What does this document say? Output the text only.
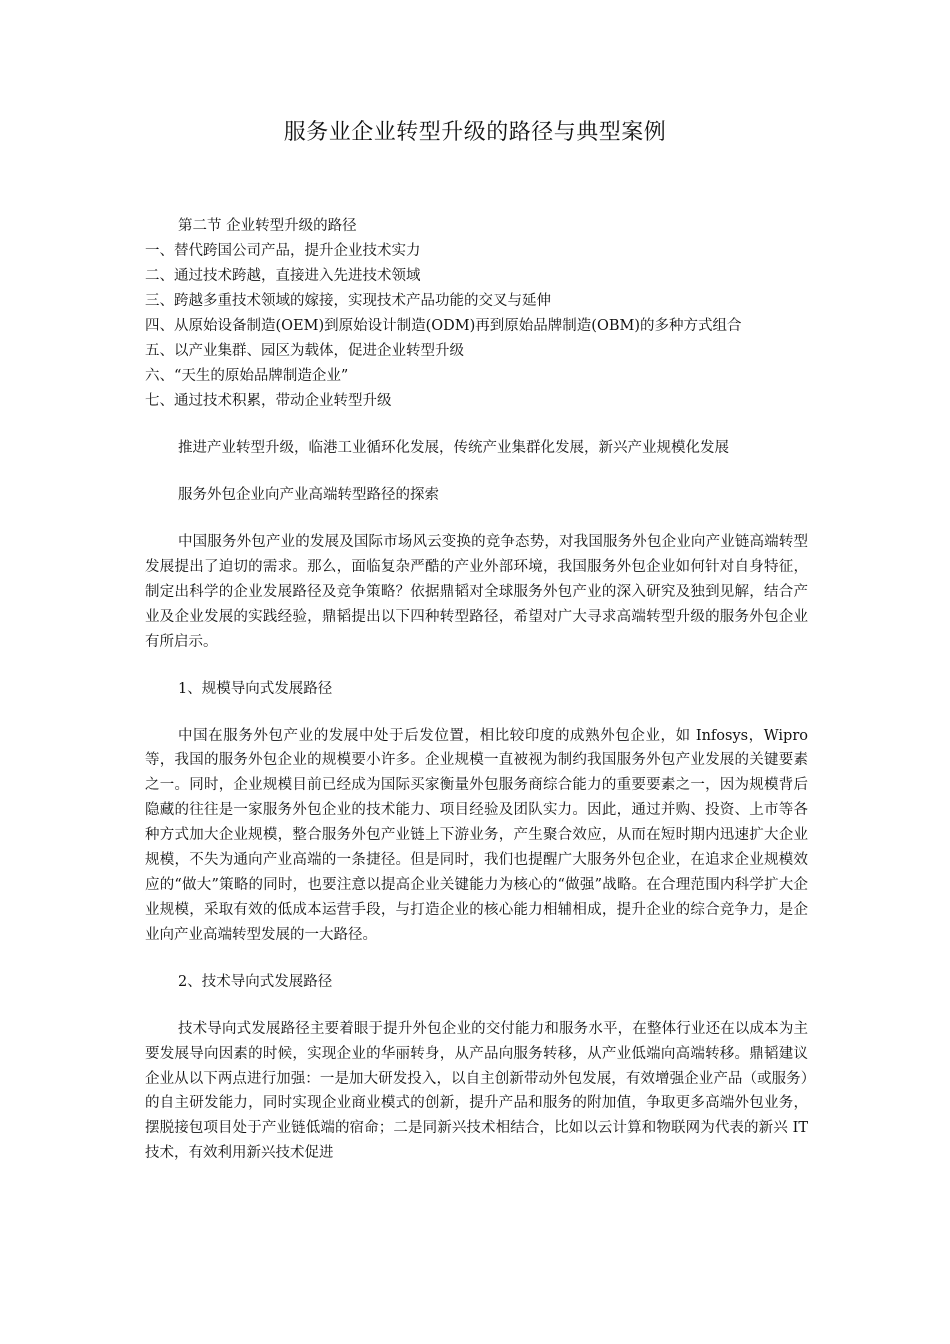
服务业企业转型升级的路径与典型案例

第二节 企业转型升级的路径

一、替代跨国公司产品，提升企业技术实力
二、通过技术跨越，直接进入先进技术领域
三、跨越多重技术领域的嫁接，实现技术产品功能的交叉与延伸
四、从原始设备制造(OEM)到原始设计制造(ODM)再到原始品牌制造(OBM)的多种方式组合
五、以产业集群、园区为载体，促进企业转型升级
六、“天生的原始品牌制造企业”
七、通过技术积累，带动企业转型升级

推进产业转型升级，临港工业循环化发展，传统产业集群化发展，新兴产业规模化发展

服务外包企业向产业高端转型路径的探索

中国服务外包产业的发展及国际市场风云变换的竞争态势，对我国服务外包企业向产业链高端转型发展提出了迫切的需求。那么，面临复杂严酷的产业外部环境，我国服务外包企业如何针对自身特征，制定出科学的企业发展路径及竞争策略？依据鼎韬对全球服务外包产业的深入研究及独到见解，结合产业及企业发展的实践经验，鼎韬提出以下四种转型路径，希望对广大寻求高端转型升级的服务外包企业有所启示。

1、规模导向式发展路径

中国在服务外包产业的发展中处于后发位置，相比较印度的成熟外包企业，如 Infosys，Wipro 等，我国的服务外包企业的规模要小许多。企业规模一直被视为制约我国服务外包产业发展的关键要素之一。同时，企业规模目前已经成为国际买家衡量外包服务商综合能力的重要要素之一，因为规模背后隐藏的往往是一家服务外包企业的技术能力、项目经验及团队实力。因此，通过并购、投资、上市等各种方式加大企业规模，整合服务外包产业链上下游业务，产生聚合效应，从而在短时期内迅速扩大企业规模，不失为通向产业高端的一条捷径。但是同时，我们也提醒广大服务外包企业，在追求企业规模效应的“做大”策略的同时，也要注意以提高企业关键能力为核心的“做强”战略。在合理范围内科学扩大企业规模，采取有效的低成本运营手段，与打造企业的核心能力相辅相成，提升企业的综合竞争力，是企业向产业高端转型发展的一大路径。

2、技术导向式发展路径

技术导向式发展路径主要着眼于提升外包企业的交付能力和服务水平，在整体行业还在以成本为主要发展导向因素的时候，实现企业的华丽转身，从产品向服务转移，从产业低端向高端转移。鼎韬建议企业从以下两点进行加强：一是加大研发投入，以自主创新带动外包发展，有效增强企业产品（或服务）的自主研发能力，同时实现企业商业模式的创新，提升产品和服务的附加值，争取更多高端外包业务，摆脱接包项目处于产业链低端的宿命；二是同新兴技术相结合，比如以云计算和物联网为代表的新兴 IT 技术，有效利用新兴技术促进
